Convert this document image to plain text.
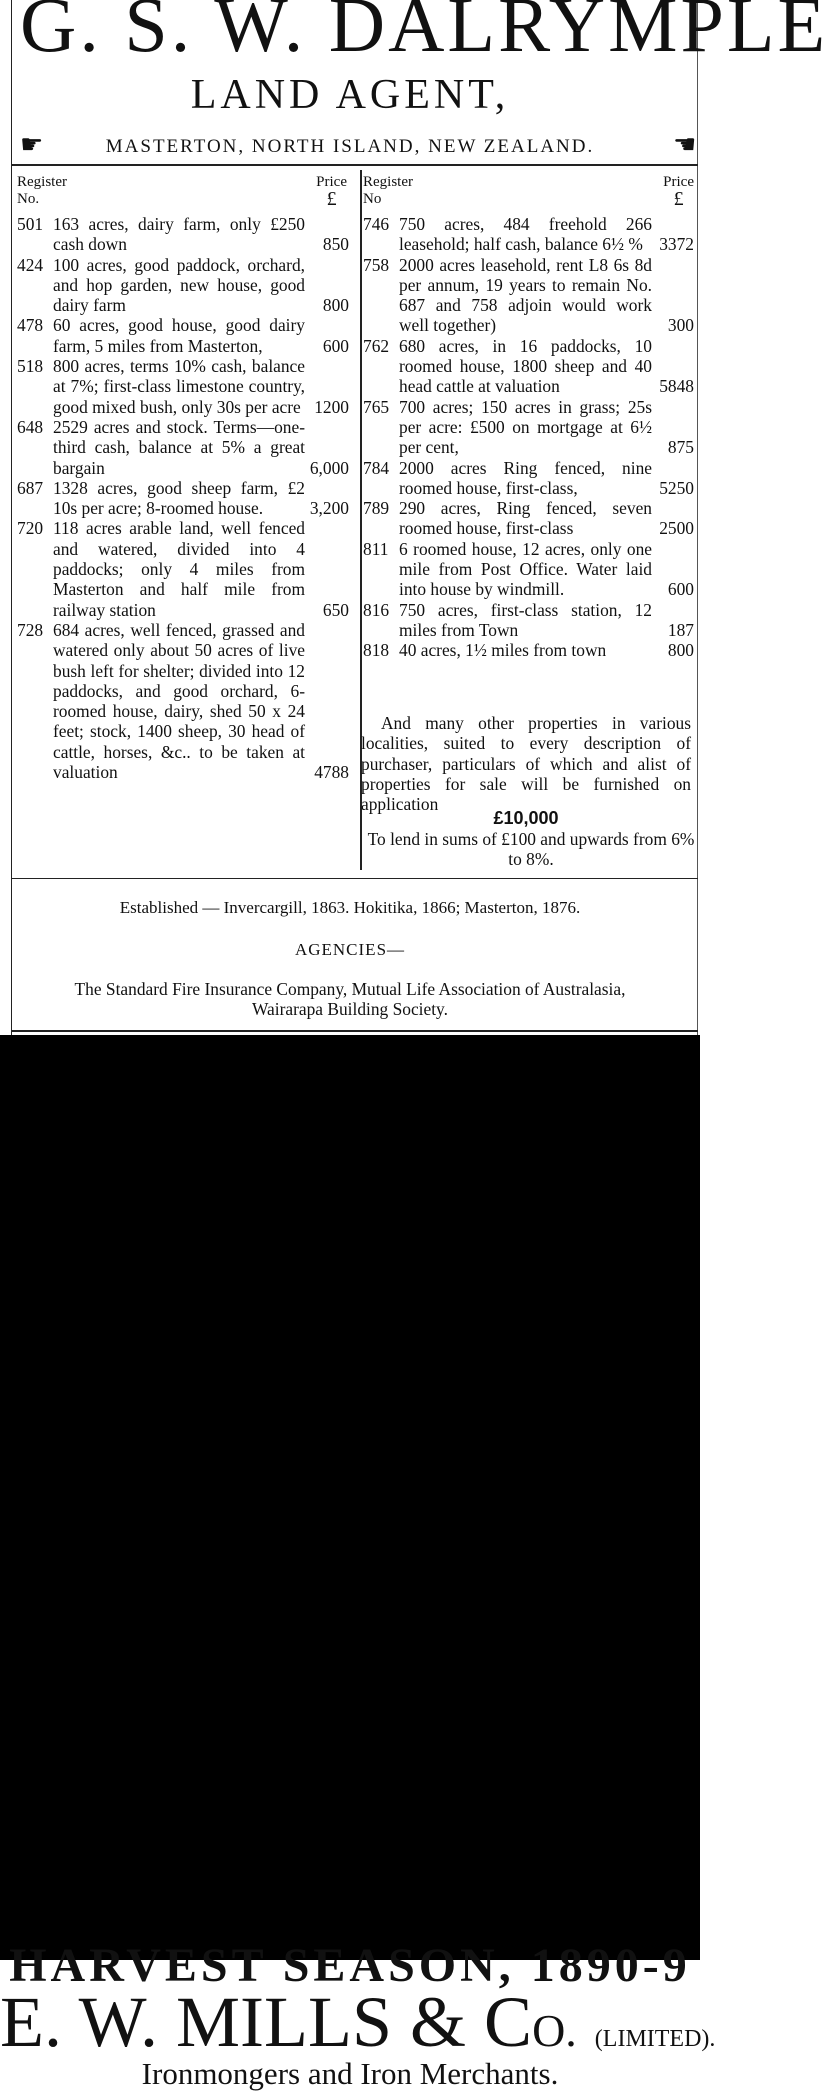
G. S. W. DALRYMPLE
LAND AGENT,
☛	MASTERTON, NORTH ISLAND, NEW ZEALAND.	☛
Register
No.
Price
£
501 163 acres, dairy farm, only £250 cash down	850
424 100 acres, good paddock, orchard, and hop garden, new house, good dairy farm	800
478 60 acres, good house, good dairy farm, 5 miles from Masterton,	600
518 800 acres, terms 10% cash, balance at 7%; first-class limestone country, good mixed bush, only 30s per acre 1200
648 2529 acres and stock. Terms—one-third cash, balance at 5% a great bargain	6,000
687 1328 acres, good sheep farm, £2 10s per acre; 8-roomed house.	3,200
720 118 acres arable land, well fenced and watered, divided into 4 paddocks; only 4 miles from Masterton and half mile from railway station	650
728 684 acres, well fenced, grassed and watered only about 50 acres of live bush left for shelter; divided into 12 paddocks, and good orchard, 6-roomed house, dairy, shed 50 x 24 feet; stock, 1400 sheep, 30 head of cattle, horses, &c.. to be taken at valuation	4788
Register
No
Price
£
746 750 acres, 484 freehold 266 leasehold; half cash, balance 6½ % 3372
758 2000 acres leasehold, rent L8 6s 8d per annum, 19 years to remain No. 687 and 758 adjoin would work well together)	300
762 680 acres, in 16 paddocks, 10 roomed house, 1800 sheep and 40 head cattle at valuation	5848
765 700 acres; 150 acres in grass; 25s per acre: £500 on mortgage at 6½ per cent,	875
784 2000 acres Ring fenced, nine roomed house, first-class,	5250
789 290 acres, Ring fenced, seven roomed house, first-class	2500
811 6 roomed house, 12 acres, only one mile from Post Office. Water laid into house by windmill.	600
816 750 acres, first-class station, 12 miles from Town	187
818 40 acres, 1½ miles from town	800
And many other properties in various localities, suited to every description of purchaser, particulars of which and alist of properties for sale will be furnished on application
£10,000
To lend in sums of £100 and upwards from 6% to 8%.
Established — Invercargill, 1863. Hokitika, 1866; Masterton, 1876.
AGENCIES—
The Standard Fire Insurance Company, Mutual Life Association of Australasia, Wairarapa Building Society.
HARVEST SEASON, 1890-9
E. W. MILLS & CO. (LIMITED).
Ironmongers and Iron Merchants.
